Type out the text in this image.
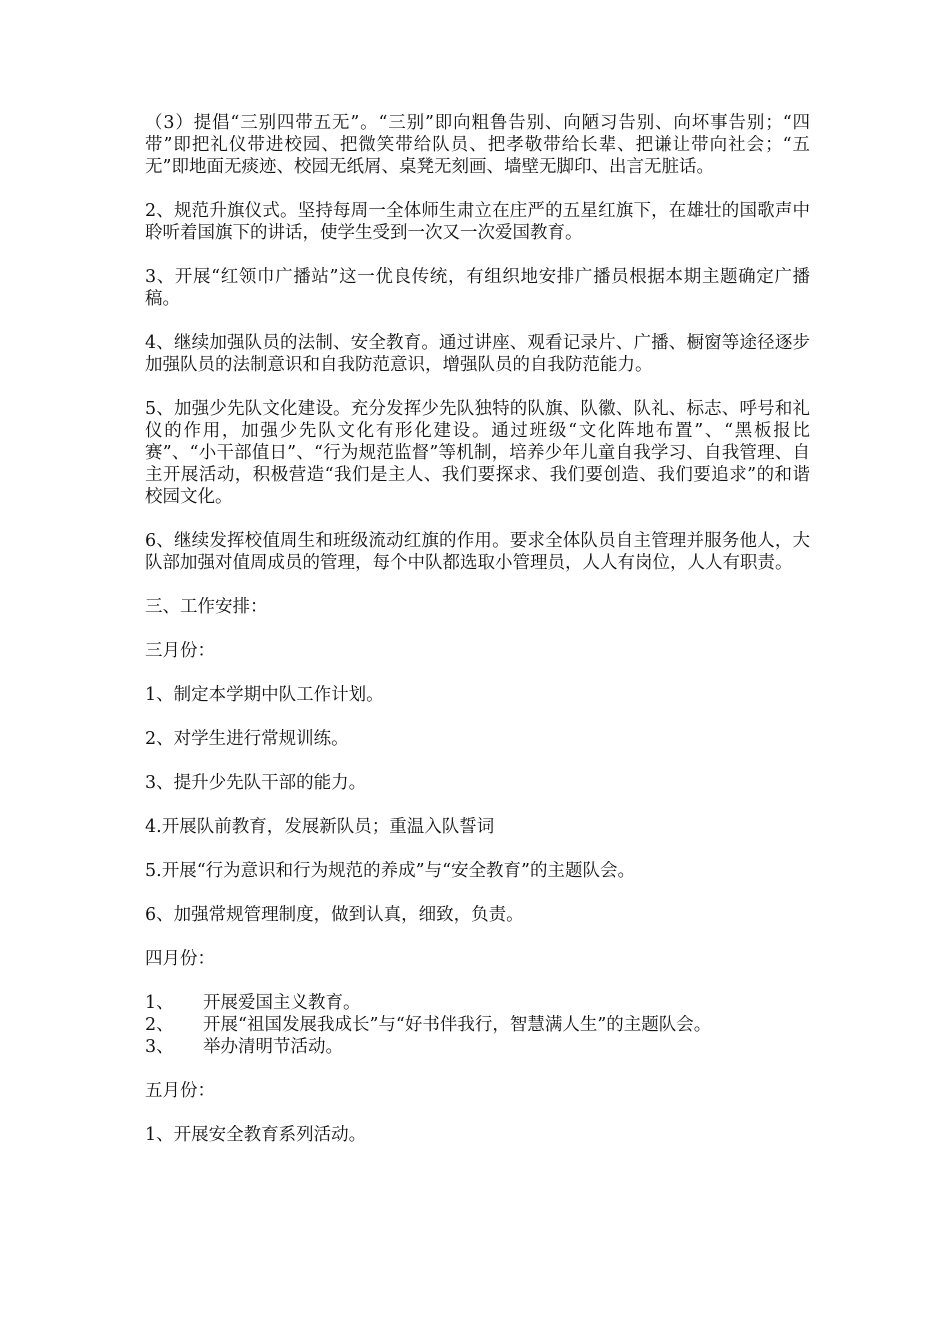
（3）提倡“三别四带五无”。“三别”即向粗鲁告别、向陋习告别、向坏事告别；“四带”即把礼仪带进校园、把微笑带给队员、把孝敬带给长辈、把谦让带向社会；“五无”即地面无痰迹、校园无纸屑、桌凳无刻画、墙壁无脚印、出言无脏话。

2、规范升旗仪式。坚持每周一全体师生肃立在庄严的五星红旗下，在雄壮的国歌声中聆听着国旗下的讲话，使学生受到一次又一次爱国教育。

3、开展“红领巾广播站”这一优良传统，有组织地安排广播员根据本期主题确定广播稿。

4、继续加强队员的法制、安全教育。通过讲座、观看记录片、广播、橱窗等途径逐步加强队员的法制意识和自我防范意识，增强队员的自我防范能力。

5、加强少先队文化建设。充分发挥少先队独特的队旗、队徽、队礼、标志、呼号和礼仪的作用，加强少先队文化有形化建设。通过班级“文化阵地布置”、“黑板报比赛”、“小干部值日”、“行为规范监督”等机制，培养少年儿童自我学习、自我管理、自主开展活动，积极营造“我们是主人、我们要探求、我们要创造、我们要追求”的和谐校园文化。

6、继续发挥校值周生和班级流动红旗的作用。要求全体队员自主管理并服务他人，大队部加强对值周成员的管理，每个中队都选取小管理员，人人有岗位，人人有职责。

三、工作安排：

三月份：

1、制定本学期中队工作计划。

2、对学生进行常规训练。

3、提升少先队干部的能力。

4.开展队前教育，发展新队员；重温入队誓词

5.开展“行为意识和行为规范的养成”与“安全教育”的主题队会。

6、加强常规管理制度，做到认真，细致，负责。

四月份：

1、	开展爱国主义教育。
2、	开展“祖国发展我成长”与“好书伴我行，智慧满人生”的主题队会。
3、	举办清明节活动。

五月份：

1、开展安全教育系列活动。
